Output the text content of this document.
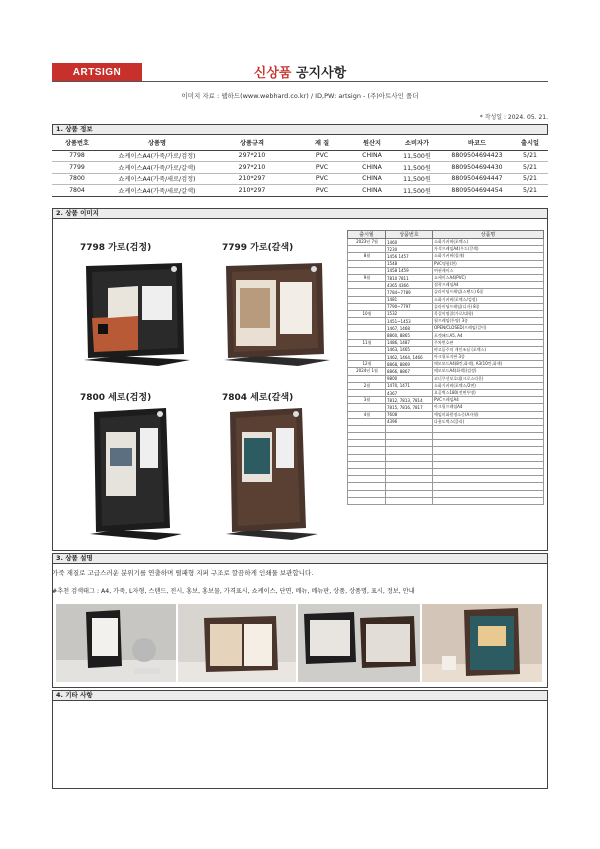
ARTSIGN	신상품 공지사항
이미지 자료 : 웹하드(www.webhard.co.kr) / ID,PW: artsign - (주)아트사인 폴더
* 작성일 : 2024. 05. 21.
1. 상품 정보
상품번호	상품명	상품규격	재 질	원산지	소비자가	바코드	출시일
7798	쇼케이스A4(가죽/가로/검정)	297*210	PVC	CHINA	11,500원	8809504694423	5/21
7799	쇼케이스A4(가죽/가로/갈색)	297*210	PVC	CHINA	11,500원	8809504694430	5/21
7800	쇼케이스A4(가죽/세로/검정)	210*297	PVC	CHINA	11,500원	8809504694447	5/21
7804	쇼케이스A4(가죽/세로/갈색)	210*297	PVC	CHINA	11,500원	8809504694454	5/21
2. 상품 이미지
7798 가로(검정)	7799 가로(갈색)
7800 세로(검정)	7804 세로(갈색)
출시월	상품번호	상품명
2023년 7월	1460	소화기커버(포맥스)
	7230	자석프레임A4(우드/갈색)
8월	1456 1457	소화기커버(철재)
	1548	PVC명함(흰)
	1458 1459	여권케이스
9월	7810 7811	쇼케이스A4(PVC)
	4365 4366	접착프레임A4
	7784~7789	슬라이딩프레임(스탠드) 6종
	1481	소화기커버(포맥스/검정)
	7790~7797	슬라이딩프레임(디자) 8종
10월	1532	목걸이명찰(가로/대형)
	1451~1453	월프레임(투명) 3종
	1467, 1468	OPEN/CLOSED(프레임/걸이)
	8860, 8865	포켓패드A5, A4
11월	1486, 1487	주차번호판
	1463, 1465	야고듐주의 개인조심 (포맥스)
	1462, 1464, 1466	아크릴포지판 3종
12월	8868, 8869	메모보드A4(8칸,화색), A3(10칸,화색)
2024년 1월	8866, 8867	메모보드A4(화색)(검정)
	9800	코너쿠션보호대(크로스라운)
2월	1470, 1471	소화기커버(포맥스/2면)
	4367	요골벽스180(전면투명)
3월	7812, 7813, 7814	PVC프레임A4
	7815, 7816, 7817	아크릴프레임A4
4월	7608	예임미화원정소중(A자형)
	4396	다용도벽스(클리)

3. 상품 설명
가죽 재질로 고급스러운 분위기를 연출하며 떨패형 지퍼 구조로 깔끔하게 인쇄물 보관합니다.
#추천 검색태그 : A4, 가죽, L자형, 스탠드, 전시, 홍보, 홍보물, 가격표시, 쇼케이스, 단면, 메뉴, 메뉴판, 상품, 상품명, 표시, 정보, 안내
4. 기타 사항
